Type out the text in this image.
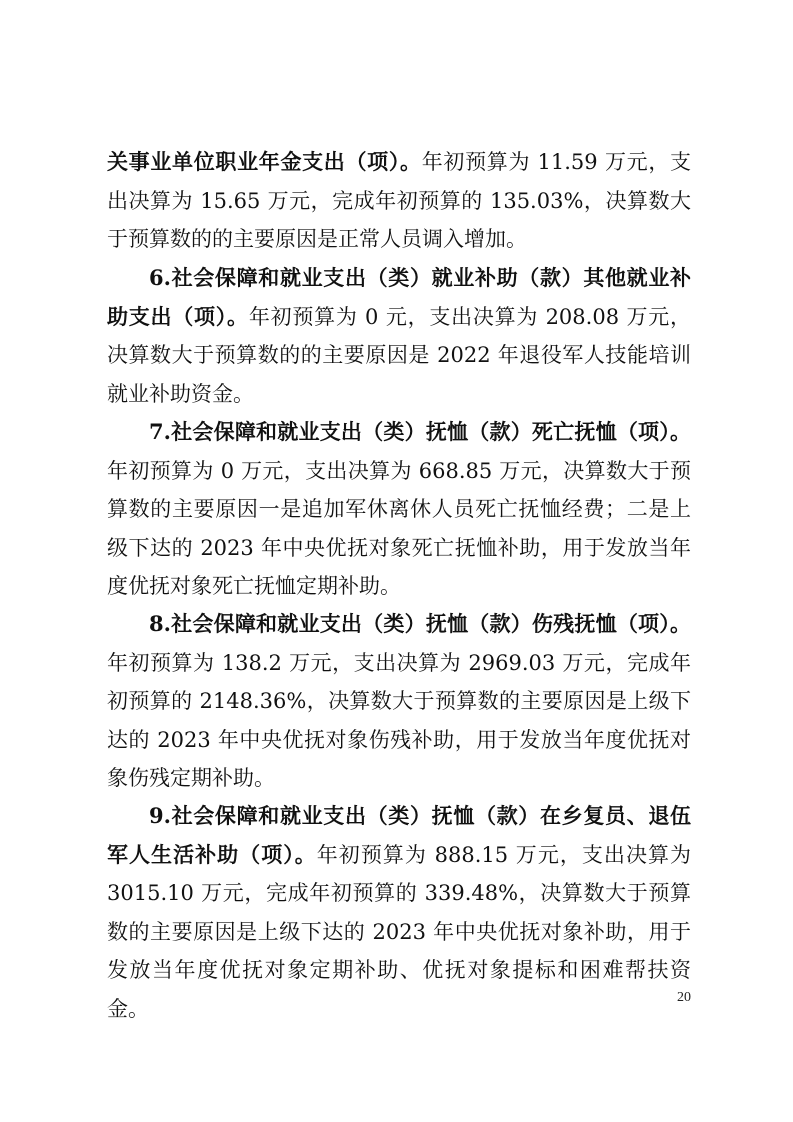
关事业单位职业年金支出（项）。年初预算为 11.59 万元，支出决算为 15.65 万元，完成年初预算的 135.03%，决算数大于预算数的的主要原因是正常人员调入增加。

6.社会保障和就业支出（类）就业补助（款）其他就业补助支出（项）。年初预算为 0 元，支出决算为 208.08 万元，决算数大于预算数的的主要原因是 2022 年退役军人技能培训就业补助资金。

7.社会保障和就业支出（类）抚恤（款）死亡抚恤（项）。年初预算为 0 万元，支出决算为 668.85 万元，决算数大于预算数的主要原因一是追加军休离休人员死亡抚恤经费；二是上级下达的 2023 年中央优抚对象死亡抚恤补助，用于发放当年度优抚对象死亡抚恤定期补助。

8.社会保障和就业支出（类）抚恤（款）伤残抚恤（项）。年初预算为 138.2 万元，支出决算为 2969.03 万元，完成年初预算的 2148.36%，决算数大于预算数的主要原因是上级下达的 2023 年中央优抚对象伤残补助，用于发放当年度优抚对象伤残定期补助。

9.社会保障和就业支出（类）抚恤（款）在乡复员、退伍军人生活补助（项）。年初预算为 888.15 万元，支出决算为 3015.10 万元，完成年初预算的 339.48%，决算数大于预算数的主要原因是上级下达的 2023 年中央优抚对象补助，用于发放当年度优抚对象定期补助、优抚对象提标和困难帮扶资金。	20
